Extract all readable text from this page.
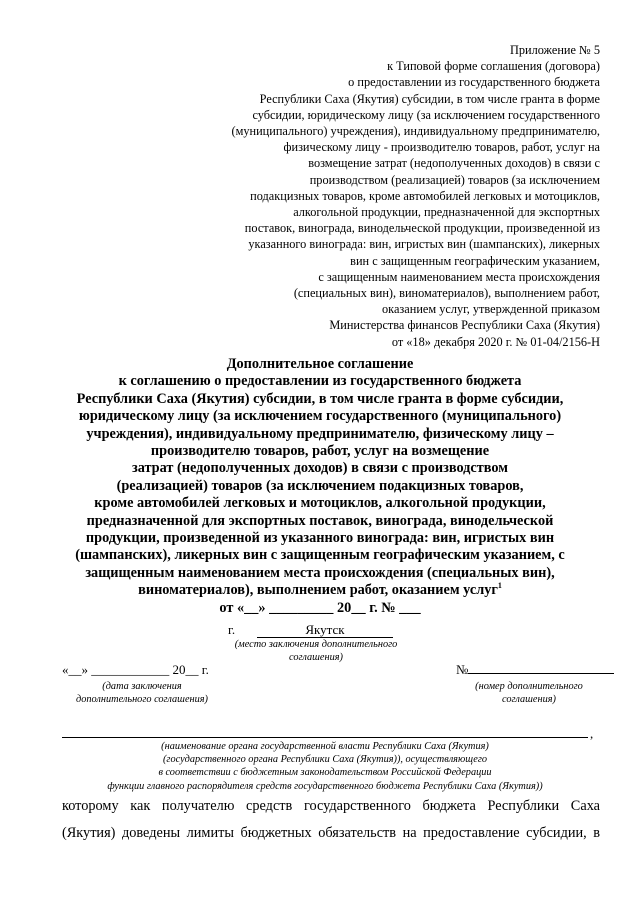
Приложение № 5
к Типовой форме соглашения (договора)
о предоставлении из государственного бюджета
Республики Саха (Якутия) субсидии, в том числе гранта в форме
субсидии, юридическому лицу (за исключением государственного
(муниципального) учреждения), индивидуальному предпринимателю,
физическому лицу - производителю товаров, работ, услуг на
возмещение затрат (недополученных доходов) в связи с
производством (реализацией) товаров (за исключением
подакцизных товаров, кроме автомобилей легковых и мотоциклов,
алкогольной продукции, предназначенной для экспортных
поставок, винограда, винодельческой продукции, произведенной из
указанного винограда: вин, игристых вин (шампанских), ликерных
вин с защищенным географическим указанием,
с защищенным наименованием места происхождения
(специальных вин), виноматериалов), выполнением работ,
оказанием услуг, утвержденной приказом
Министерства финансов Республики Саха (Якутия)
от «18» декабря 2020 г. № 01-04/2156-Н
Дополнительное соглашение
к соглашению о предоставлении из государственного бюджета
Республики Саха (Якутия) субсидии, в том числе гранта в форме субсидии,
юридическому лицу (за исключением государственного (муниципального)
учреждения), индивидуальному предпринимателю, физическому лицу –
производителю товаров, работ, услуг на возмещение
затрат (недополученных доходов) в связи с производством
(реализацией) товаров (за исключением подакцизных товаров,
кроме автомобилей легковых и мотоциклов, алкогольной продукции,
предназначенной для экспортных поставок, винограда, винодельческой
продукции, произведенной из указанного винограда: вин, игристых вин
(шампанских), ликерных вин с защищенным географическим указанием, с
защищенным наименованием места происхождения (специальных вин),
виноматериалов), выполнением работ, оказанием услуг$^1$
от «__» _________ 20__ г. № ___
г.	Якутск
(место заключения дополнительного
соглашения)
«__» ____________ 20__ г.
(дата заключения
дополнительного соглашения)
№
(номер дополнительного
соглашения)
,
(наименование органа государственной власти Республики Саха (Якутия)
(государственного органа Республики Саха (Якутия)), осуществляющего
в соответствии с бюджетным законодательством Российской Федерации
функции главного распорядителя средств государственного бюджета Республики Саха (Якутия))
которому как получателю средств государственного бюджета Республики Саха
(Якутия) доведены лимиты бюджетных обязательств на предоставление субсидии, в
